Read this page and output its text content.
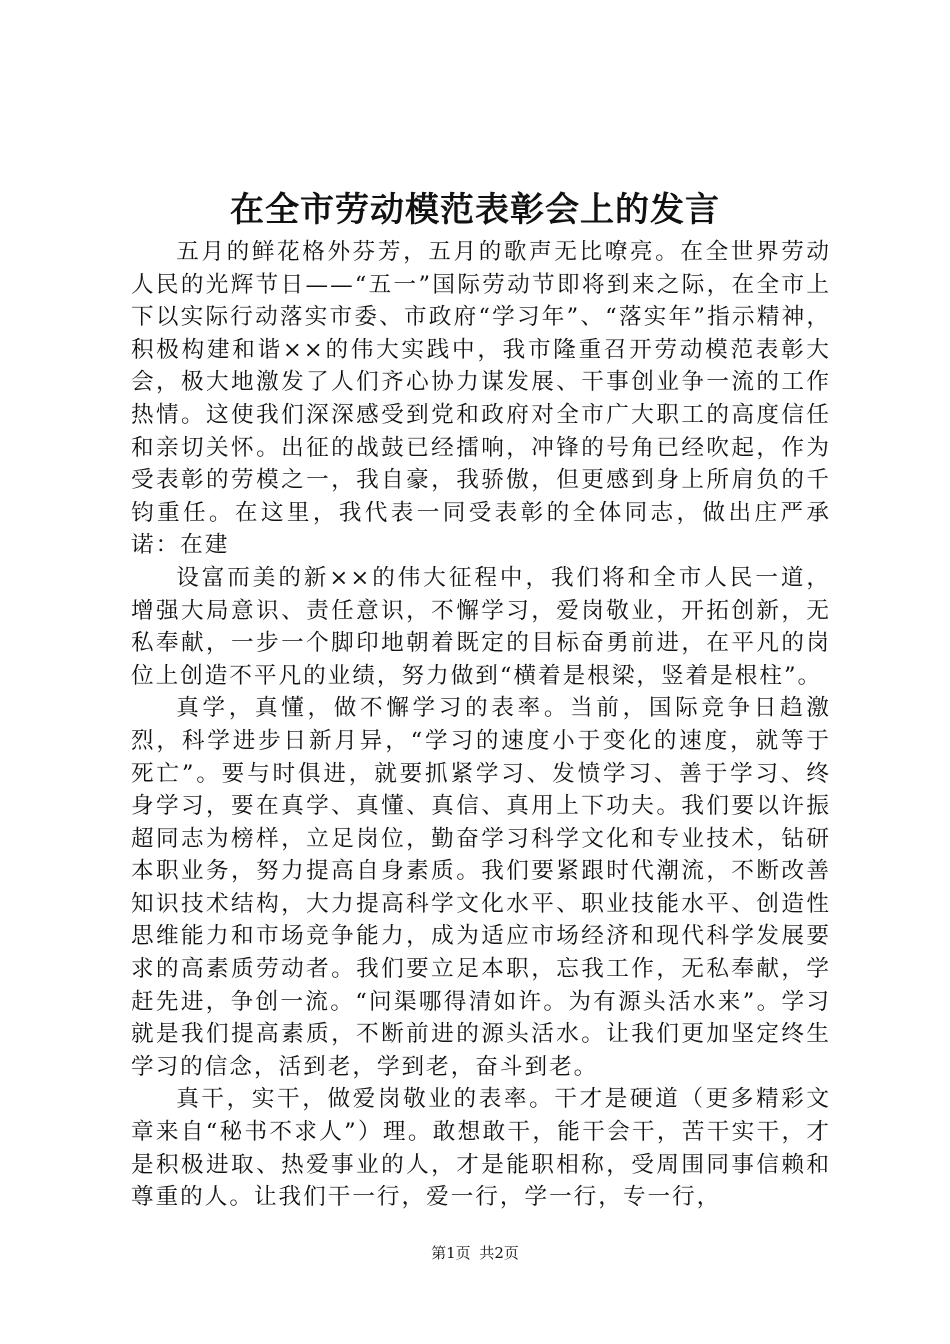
在全市劳动模范表彰会上的发言

五月的鲜花格外芬芳，五月的歌声无比嘹亮。在全世界劳动人民的光辉节日——“五一”国际劳动节即将到来之际，在全市上下以实际行动落实市委、市政府“学习年”、“落实年”指示精神，积极构建和谐××的伟大实践中，我市隆重召开劳动模范表彰大会，极大地激发了人们齐心协力谋发展、干事创业争一流的工作热情。这使我们深深感受到党和政府对全市广大职工的高度信任和亲切关怀。出征的战鼓已经擂响，冲锋的号角已经吹起，作为受表彰的劳模之一，我自豪，我骄傲，但更感到身上所肩负的千钧重任。在这里，我代表一同受表彰的全体同志，做出庄严承诺：在建

设富而美的新××的伟大征程中，我们将和全市人民一道，增强大局意识、责任意识，不懈学习，爱岗敬业，开拓创新，无私奉献，一步一个脚印地朝着既定的目标奋勇前进，在平凡的岗位上创造不平凡的业绩，努力做到“横着是根梁，竖着是根柱”。

真学，真懂，做不懈学习的表率。当前，国际竞争日趋激烈，科学进步日新月异，“学习的速度小于变化的速度，就等于死亡”。要与时俱进，就要抓紧学习、发愤学习、善于学习、终身学习，要在真学、真懂、真信、真用上下功夫。我们要以许振超同志为榜样，立足岗位，勤奋学习科学文化和专业技术，钻研本职业务，努力提高自身素质。我们要紧跟时代潮流，不断改善知识技术结构，大力提高科学文化水平、职业技能水平、创造性思维能力和市场竞争能力，成为适应市场经济和现代科学发展要求的高素质劳动者。我们要立足本职，忘我工作，无私奉献，学赶先进，争创一流。“问渠哪得清如许。为有源头活水来”。学习就是我们提高素质，不断前进的源头活水。让我们更加坚定终生学习的信念，活到老，学到老，奋斗到老。

真干，实干，做爱岗敬业的表率。干才是硬道（更多精彩文章来自“秘书不求人”）理。敢想敢干，能干会干，苦干实干，才是积极进取、热爱事业的人，才是能职相称，受周围同事信赖和尊重的人。让我们干一行，爱一行，学一行，专一行，

第1页 共2页
